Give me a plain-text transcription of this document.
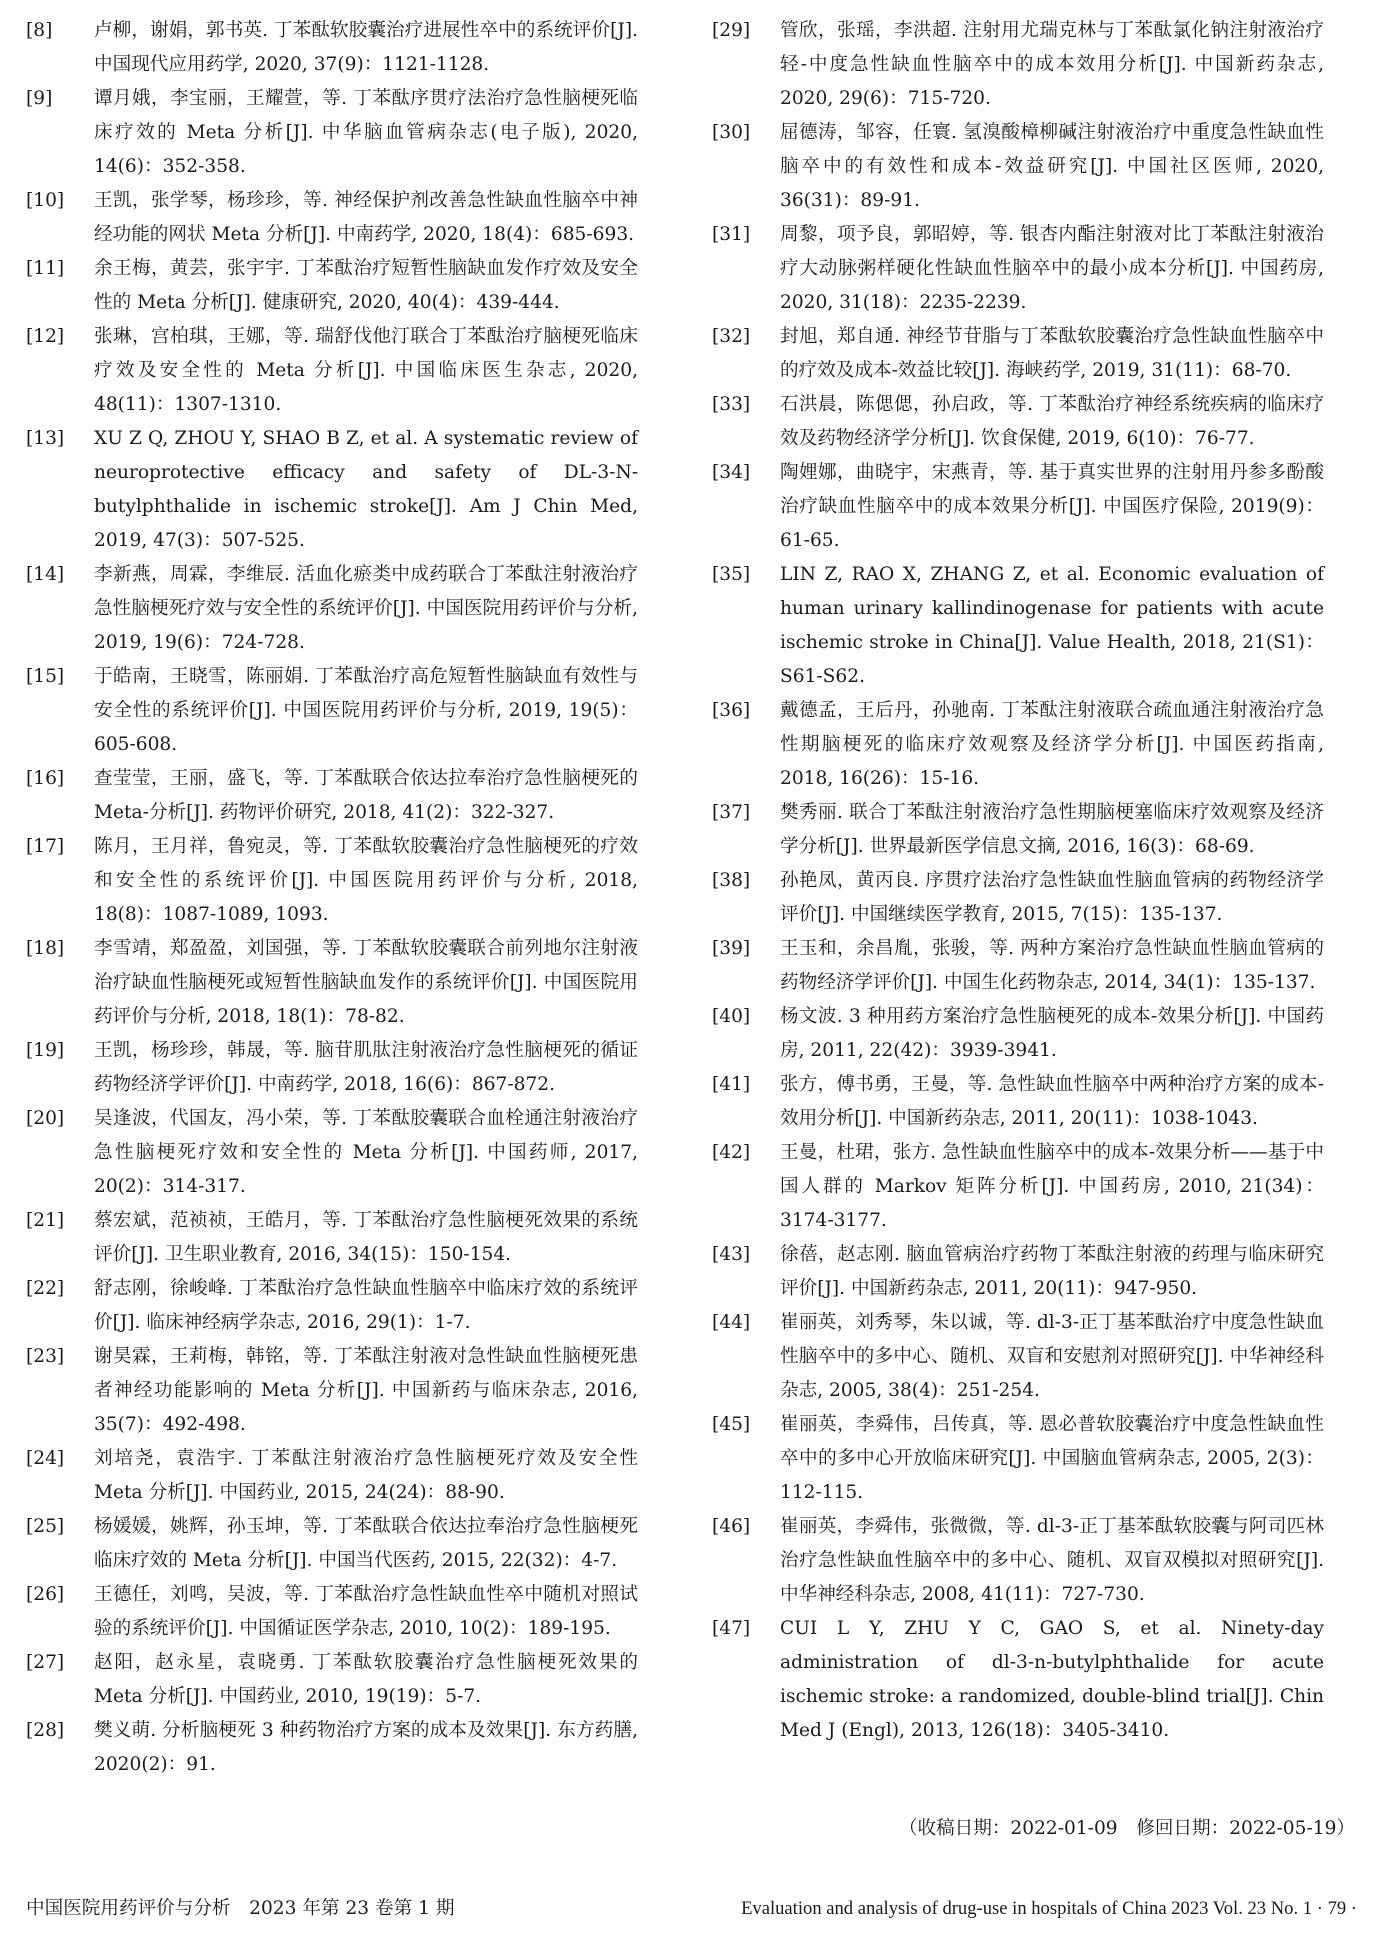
[8]	卢柳，谢娟，郭书英. 丁苯酞软胶囊治疗进展性卒中的系统评价[J]. 中国现代应用药学, 2020, 37(9)：1121-1128.

[9]	谭月娥，李宝丽，王耀萱，等. 丁苯酞序贯疗法治疗急性脑梗死临床疗效的 Meta 分析[J]. 中华脑血管病杂志(电子版), 2020, 14(6)：352-358.

[10]	王凯，张学琴，杨珍珍，等. 神经保护剂改善急性缺血性脑卒中神经功能的网状 Meta 分析[J]. 中南药学, 2020, 18(4)：685-693.

[11]	余王梅，黄芸，张宇宇. 丁苯酞治疗短暂性脑缺血发作疗效及安全性的 Meta 分析[J]. 健康研究, 2020, 40(4)：439-444.

[12]	张琳，宫柏琪，王娜，等. 瑞舒伐他汀联合丁苯酞治疗脑梗死临床疗效及安全性的 Meta 分析[J]. 中国临床医生杂志, 2020, 48(11)：1307-1310.

[13]	XU Z Q, ZHOU Y, SHAO B Z, et al. A systematic review of neuroprotective efficacy and safety of DL-3-N-butylphthalide in ischemic stroke[J]. Am J Chin Med, 2019, 47(3)：507-525.

[14]	李新燕，周霖，李维辰. 活血化瘀类中成药联合丁苯酞注射液治疗急性脑梗死疗效与安全性的系统评价[J]. 中国医院用药评价与分析, 2019, 19(6)：724-728.

[15]	于皓南，王晓雪，陈丽娟. 丁苯酞治疗高危短暂性脑缺血有效性与安全性的系统评价[J]. 中国医院用药评价与分析, 2019, 19(5)：605-608.

[16]	查莹莹，王丽，盛飞，等. 丁苯酞联合依达拉奉治疗急性脑梗死的 Meta-分析[J]. 药物评价研究, 2018, 41(2)：322-327.

[17]	陈月，王月祥，鲁宛灵，等. 丁苯酞软胶囊治疗急性脑梗死的疗效和安全性的系统评价[J]. 中国医院用药评价与分析, 2018, 18(8)：1087-1089, 1093.

[18]	李雪靖，郑盈盈，刘国强，等. 丁苯酞软胶囊联合前列地尔注射液治疗缺血性脑梗死或短暂性脑缺血发作的系统评价[J]. 中国医院用药评价与分析, 2018, 18(1)：78-82.

[19]	王凯，杨珍珍，韩晟，等. 脑苷肌肽注射液治疗急性脑梗死的循证药物经济学评价[J]. 中南药学, 2018, 16(6)：867-872.

[20]	吴逢波，代国友，冯小荣，等. 丁苯酞胶囊联合血栓通注射液治疗急性脑梗死疗效和安全性的 Meta 分析[J]. 中国药师, 2017, 20(2)：314-317.

[21]	蔡宏斌，范祯祯，王皓月，等. 丁苯酞治疗急性脑梗死效果的系统评价[J]. 卫生职业教育, 2016, 34(15)：150-154.

[22]	舒志刚，徐峻峰. 丁苯酞治疗急性缺血性脑卒中临床疗效的系统评价[J]. 临床神经病学杂志, 2016, 29(1)：1-7.

[23]	谢昊霖，王莉梅，韩铭，等. 丁苯酞注射液对急性缺血性脑梗死患者神经功能影响的 Meta 分析[J]. 中国新药与临床杂志, 2016, 35(7)：492-498.

[24]	刘培尧，袁浩宇. 丁苯酞注射液治疗急性脑梗死疗效及安全性 Meta 分析[J]. 中国药业, 2015, 24(24)：88-90.

[25]	杨媛媛，姚辉，孙玉坤，等. 丁苯酞联合依达拉奉治疗急性脑梗死临床疗效的 Meta 分析[J]. 中国当代医药, 2015, 22(32)：4-7.

[26]	王德任，刘鸣，吴波，等. 丁苯酞治疗急性缺血性卒中随机对照试验的系统评价[J]. 中国循证医学杂志, 2010, 10(2)：189-195.

[27]	赵阳，赵永星，袁晓勇. 丁苯酞软胶囊治疗急性脑梗死效果的 Meta 分析[J]. 中国药业, 2010, 19(19)：5-7.

[28]	樊义萌. 分析脑梗死 3 种药物治疗方案的成本及效果[J]. 东方药膳, 2020(2)：91.

[29]	管欣，张瑶，李洪超. 注射用尤瑞克林与丁苯酞氯化钠注射液治疗轻-中度急性缺血性脑卒中的成本效用分析[J]. 中国新药杂志, 2020, 29(6)：715-720.

[30]	屈德涛，邹容，任寰. 氢溴酸樟柳碱注射液治疗中重度急性缺血性脑卒中的有效性和成本-效益研究[J]. 中国社区医师, 2020, 36(31)：89-91.

[31]	周黎，项予良，郭昭婷，等. 银杏内酯注射液对比丁苯酞注射液治疗大动脉粥样硬化性缺血性脑卒中的最小成本分析[J]. 中国药房, 2020, 31(18)：2235-2239.

[32]	封旭，郑自通. 神经节苷脂与丁苯酞软胶囊治疗急性缺血性脑卒中的疗效及成本-效益比较[J]. 海峡药学, 2019, 31(11)：68-70.

[33]	石洪晨，陈偲偲，孙启政，等. 丁苯酞治疗神经系统疾病的临床疗效及药物经济学分析[J]. 饮食保健, 2019, 6(10)：76-77.

[34]	陶娌娜，曲晓宇，宋燕青，等. 基于真实世界的注射用丹参多酚酸治疗缺血性脑卒中的成本效果分析[J]. 中国医疗保险, 2019(9)：61-65.

[35]	LIN Z, RAO X, ZHANG Z, et al. Economic evaluation of human urinary kallindinogenase for patients with acute ischemic stroke in China[J]. Value Health, 2018, 21(S1)：S61-S62.

[36]	戴德孟，王后丹，孙驰南. 丁苯酞注射液联合疏血通注射液治疗急性期脑梗死的临床疗效观察及经济学分析[J]. 中国医药指南, 2018, 16(26)：15-16.

[37]	樊秀丽. 联合丁苯酞注射液治疗急性期脑梗塞临床疗效观察及经济学分析[J]. 世界最新医学信息文摘, 2016, 16(3)：68-69.

[38]	孙艳凤，黄丙良. 序贯疗法治疗急性缺血性脑血管病的药物经济学评价[J]. 中国继续医学教育, 2015, 7(15)：135-137.

[39]	王玉和，余昌胤，张骏，等. 两种方案治疗急性缺血性脑血管病的药物经济学评价[J]. 中国生化药物杂志, 2014, 34(1)：135-137.

[40]	杨文波. 3 种用药方案治疗急性脑梗死的成本-效果分析[J]. 中国药房, 2011, 22(42)：3939-3941.

[41]	张方，傅书勇，王曼，等. 急性缺血性脑卒中两种治疗方案的成本-效用分析[J]. 中国新药杂志, 2011, 20(11)：1038-1043.

[42]	王曼，杜珺，张方. 急性缺血性脑卒中的成本-效果分析——基于中国人群的 Markov 矩阵分析[J]. 中国药房, 2010, 21(34)：3174-3177.

[43]	徐蓓，赵志刚. 脑血管病治疗药物丁苯酞注射液的药理与临床研究评价[J]. 中国新药杂志, 2011, 20(11)：947-950.

[44]	崔丽英，刘秀琴，朱以诚，等. dl-3-正丁基苯酞治疗中度急性缺血性脑卒中的多中心、随机、双盲和安慰剂对照研究[J]. 中华神经科杂志, 2005, 38(4)：251-254.

[45]	崔丽英，李舜伟，吕传真，等. 恩必普软胶囊治疗中度急性缺血性卒中的多中心开放临床研究[J]. 中国脑血管病杂志, 2005, 2(3)：112-115.

[46]	崔丽英，李舜伟，张微微，等. dl-3-正丁基苯酞软胶囊与阿司匹林治疗急性缺血性脑卒中的多中心、随机、双盲双模拟对照研究[J]. 中华神经科杂志, 2008, 41(11)：727-730.

[47]	CUI L Y, ZHU Y C, GAO S, et al. Ninety-day administration of dl-3-n-butylphthalide for acute ischemic stroke: a randomized, double-blind trial[J]. Chin Med J (Engl), 2013, 126(18)：3405-3410.

（收稿日期：2022-01-09　修回日期：2022-05-19）
中国医院用药评价与分析　2023 年第 23 卷第 1 期	Evaluation and analysis of drug-use in hospitals of China 2023 Vol. 23 No. 1 · 79 ·
